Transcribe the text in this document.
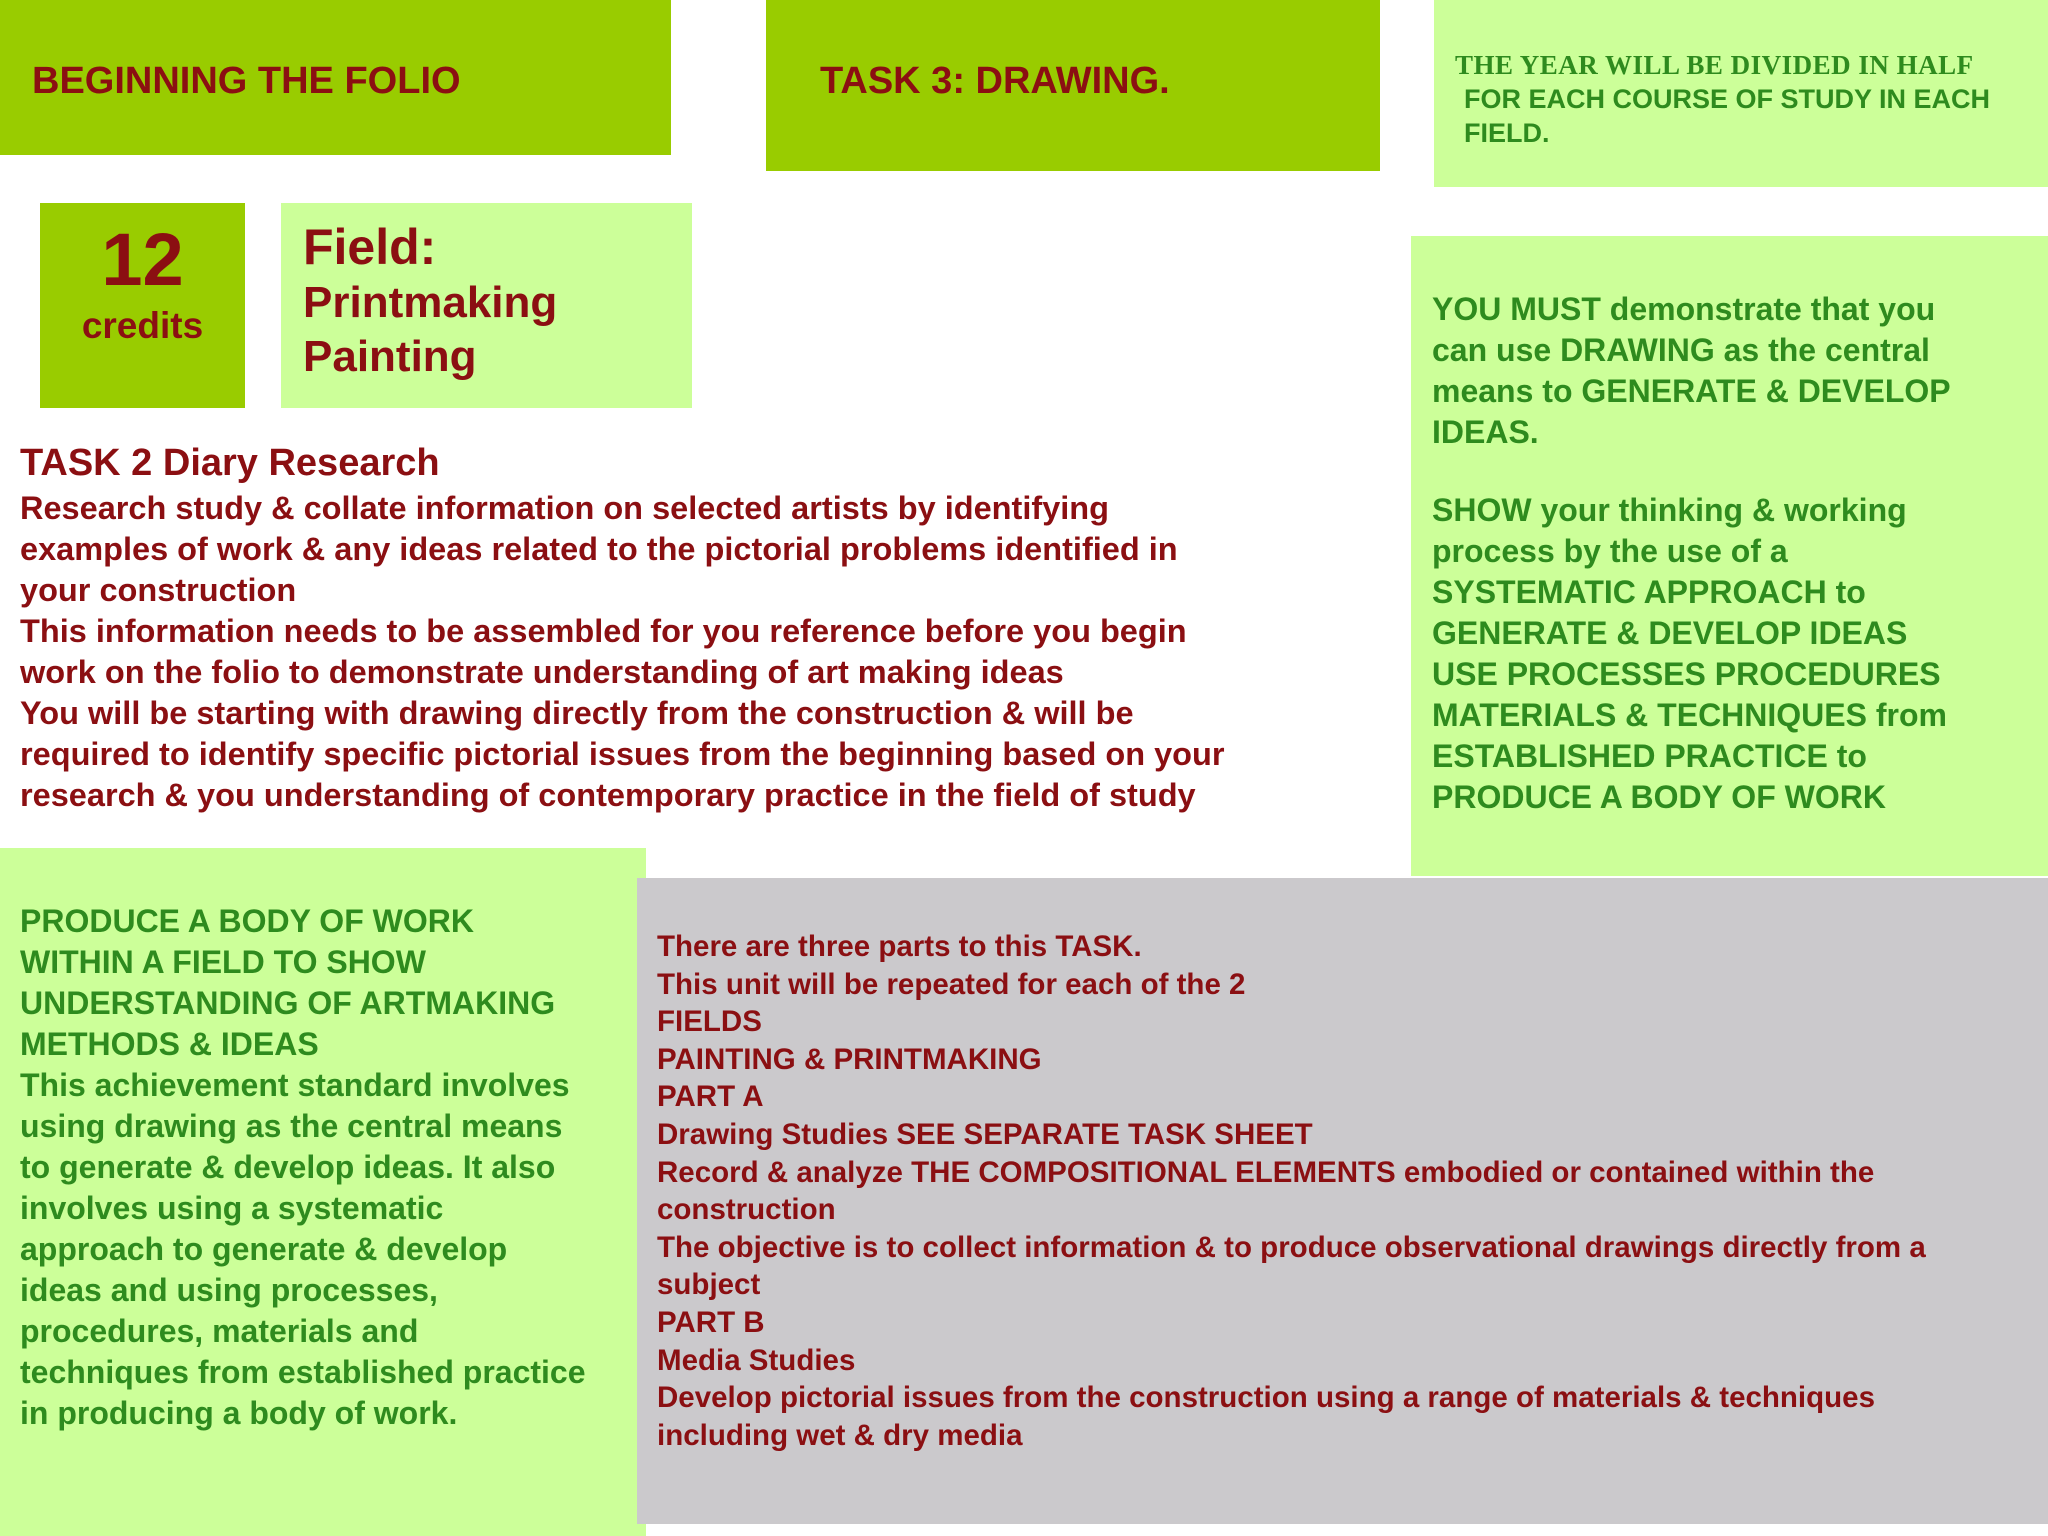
BEGINNING THE FOLIO	TASK 3: DRAWING.	THE YEAR WILL BE DIVIDED IN HALF
FOR EACH COURSE OF STUDY IN EACH
FIELD.
12
credits
Field:
Printmaking
Painting
TASK 2 Diary Research
Research study & collate information on selected artists by identifying
examples of work & any ideas related to the pictorial problems identified in
your construction
This information needs to be assembled for you reference before you begin
work on the folio to demonstrate understanding of art making ideas
You will be starting with drawing directly from the construction & will be
required to identify specific pictorial issues from the beginning based on your
research & you understanding of contemporary practice in the field of study
YOU MUST demonstrate that you
can use DRAWING as the central
means to GENERATE & DEVELOP
IDEAS.
SHOW your thinking & working
process by the use of a
SYSTEMATIC APPROACH to
GENERATE & DEVELOP IDEAS
USE PROCESSES PROCEDURES
MATERIALS & TECHNIQUES from
ESTABLISHED PRACTICE to
PRODUCE A BODY OF WORK
PRODUCE A BODY OF WORK
WITHIN A FIELD TO SHOW
UNDERSTANDING OF ARTMAKING
METHODS & IDEAS
This achievement standard involves
using drawing as the central means
to generate & develop ideas. It also
involves using a systematic
approach to generate & develop
ideas and using processes,
procedures, materials and
techniques from established practice
in producing a body of work.
There are three parts to this TASK.
This unit will be repeated for each of the 2
FIELDS
PAINTING & PRINTMAKING
PART A
Drawing Studies SEE SEPARATE TASK SHEET
Record & analyze THE COMPOSITIONAL ELEMENTS embodied or contained within the
construction
The objective is to collect information & to produce observational drawings directly from a
subject
PART B
Media Studies
Develop pictorial issues from the construction using a range of materials & techniques
including wet & dry media
